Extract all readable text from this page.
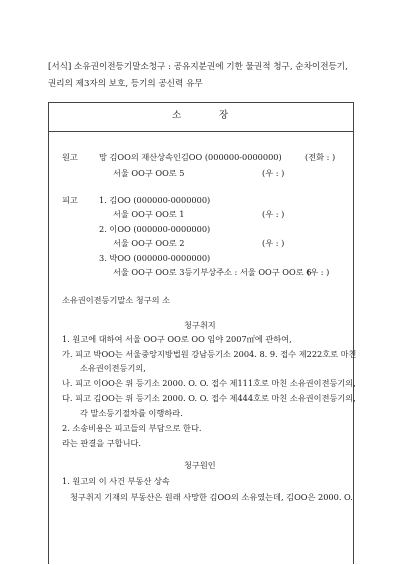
[서식] 소유권이전등기말소청구 : 공유지분권에 기한 물권적 청구, 순차이전등기,
권리의 제3자의 보호, 등기의 공신력 유무
소	장
원고	망 김OO의 재산상속인김OO (000000-0000000)	(전화 : )
서울 OO구 OO로 5	(우 : )
피고	1. 김OO (000000-0000000)
서울 OO구 OO로 1	(우 : )
2. 이OO (000000-0000000)
서울 OO구 OO로 2	(우 : )
3. 박OO (000000-0000000)
서울 OO구 OO로 3등기부상주소 : 서울 OO구 OO로 6
(우 : )
소유권이전등기말소 청구의 소
청구취지
1. 원고에 대하여 서울 OO구 OO로 OO 임야 2007㎡에 관하여,
가. 피고 박OO는 서울중앙지방법원 강남등기소 2004. 8. 9. 접수 제222호로 마친
소유권이전등기의,
나. 피고 이OO은 위 등기소 2000. O. O. 접수 제111호로 마친 소유권이전등기의,
다. 피고 김OO는 위 등기소 2000. O. O. 접수 제444호로 마친 소유권이전등기의,
각 말소등기절차를 이행하라.
2. 소송비용은 피고들의 부담으로 한다.
라는 판결을 구합니다.
청구원인
1. 원고의 이 사건 부동산 상속
청구취지 기재의 부동산은 원래 사망한 김OO의 소유였는데, 김OO은 2000. O.
